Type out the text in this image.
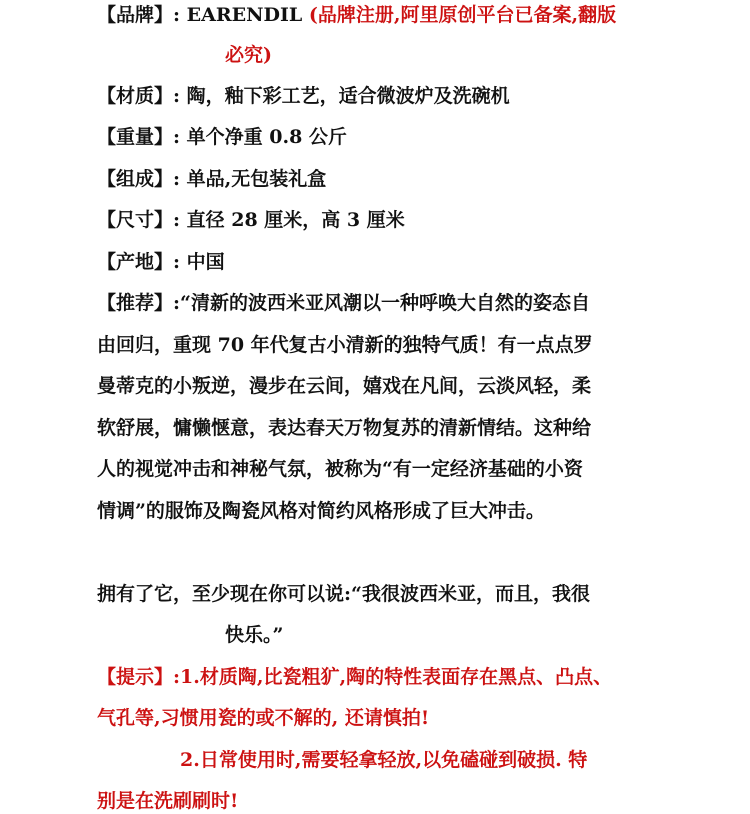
【品牌】: EARENDIL (品牌注册,阿里原创平台已备案,翻版
必究)
【材质】: 陶，釉下彩工艺，适合微波炉及洗碗机
【重量】: 单个净重 0.8 公斤
【组成】: 单品,无包装礼盒
【尺寸】: 直径 28 厘米，高 3 厘米
【产地】: 中国
【推荐】:“清新的波西米亚风潮以一种呼唤大自然的姿态自
由回归，重现 70 年代复古小清新的独特气质！有一点点罗
曼蒂克的小叛逆，漫步在云间，嬉戏在凡间，云淡风轻，柔
软舒展，慵懒惬意，表达春天万物复苏的清新情结。这种给
人的视觉冲击和神秘气氛，被称为“有一定经济基础的小资
情调”的服饰及陶瓷风格对简约风格形成了巨大冲击。
拥有了它，至少现在你可以说:“我很波西米亚，而且，我很
快乐。”
【提示】:1.材质陶,比瓷粗犷,陶的特性表面存在黑点、凸点、
气孔等,习惯用瓷的或不解的, 还请慎拍!
2.日常使用时,需要轻拿轻放,以免磕碰到破损. 特
别是在洗刷刷时!
